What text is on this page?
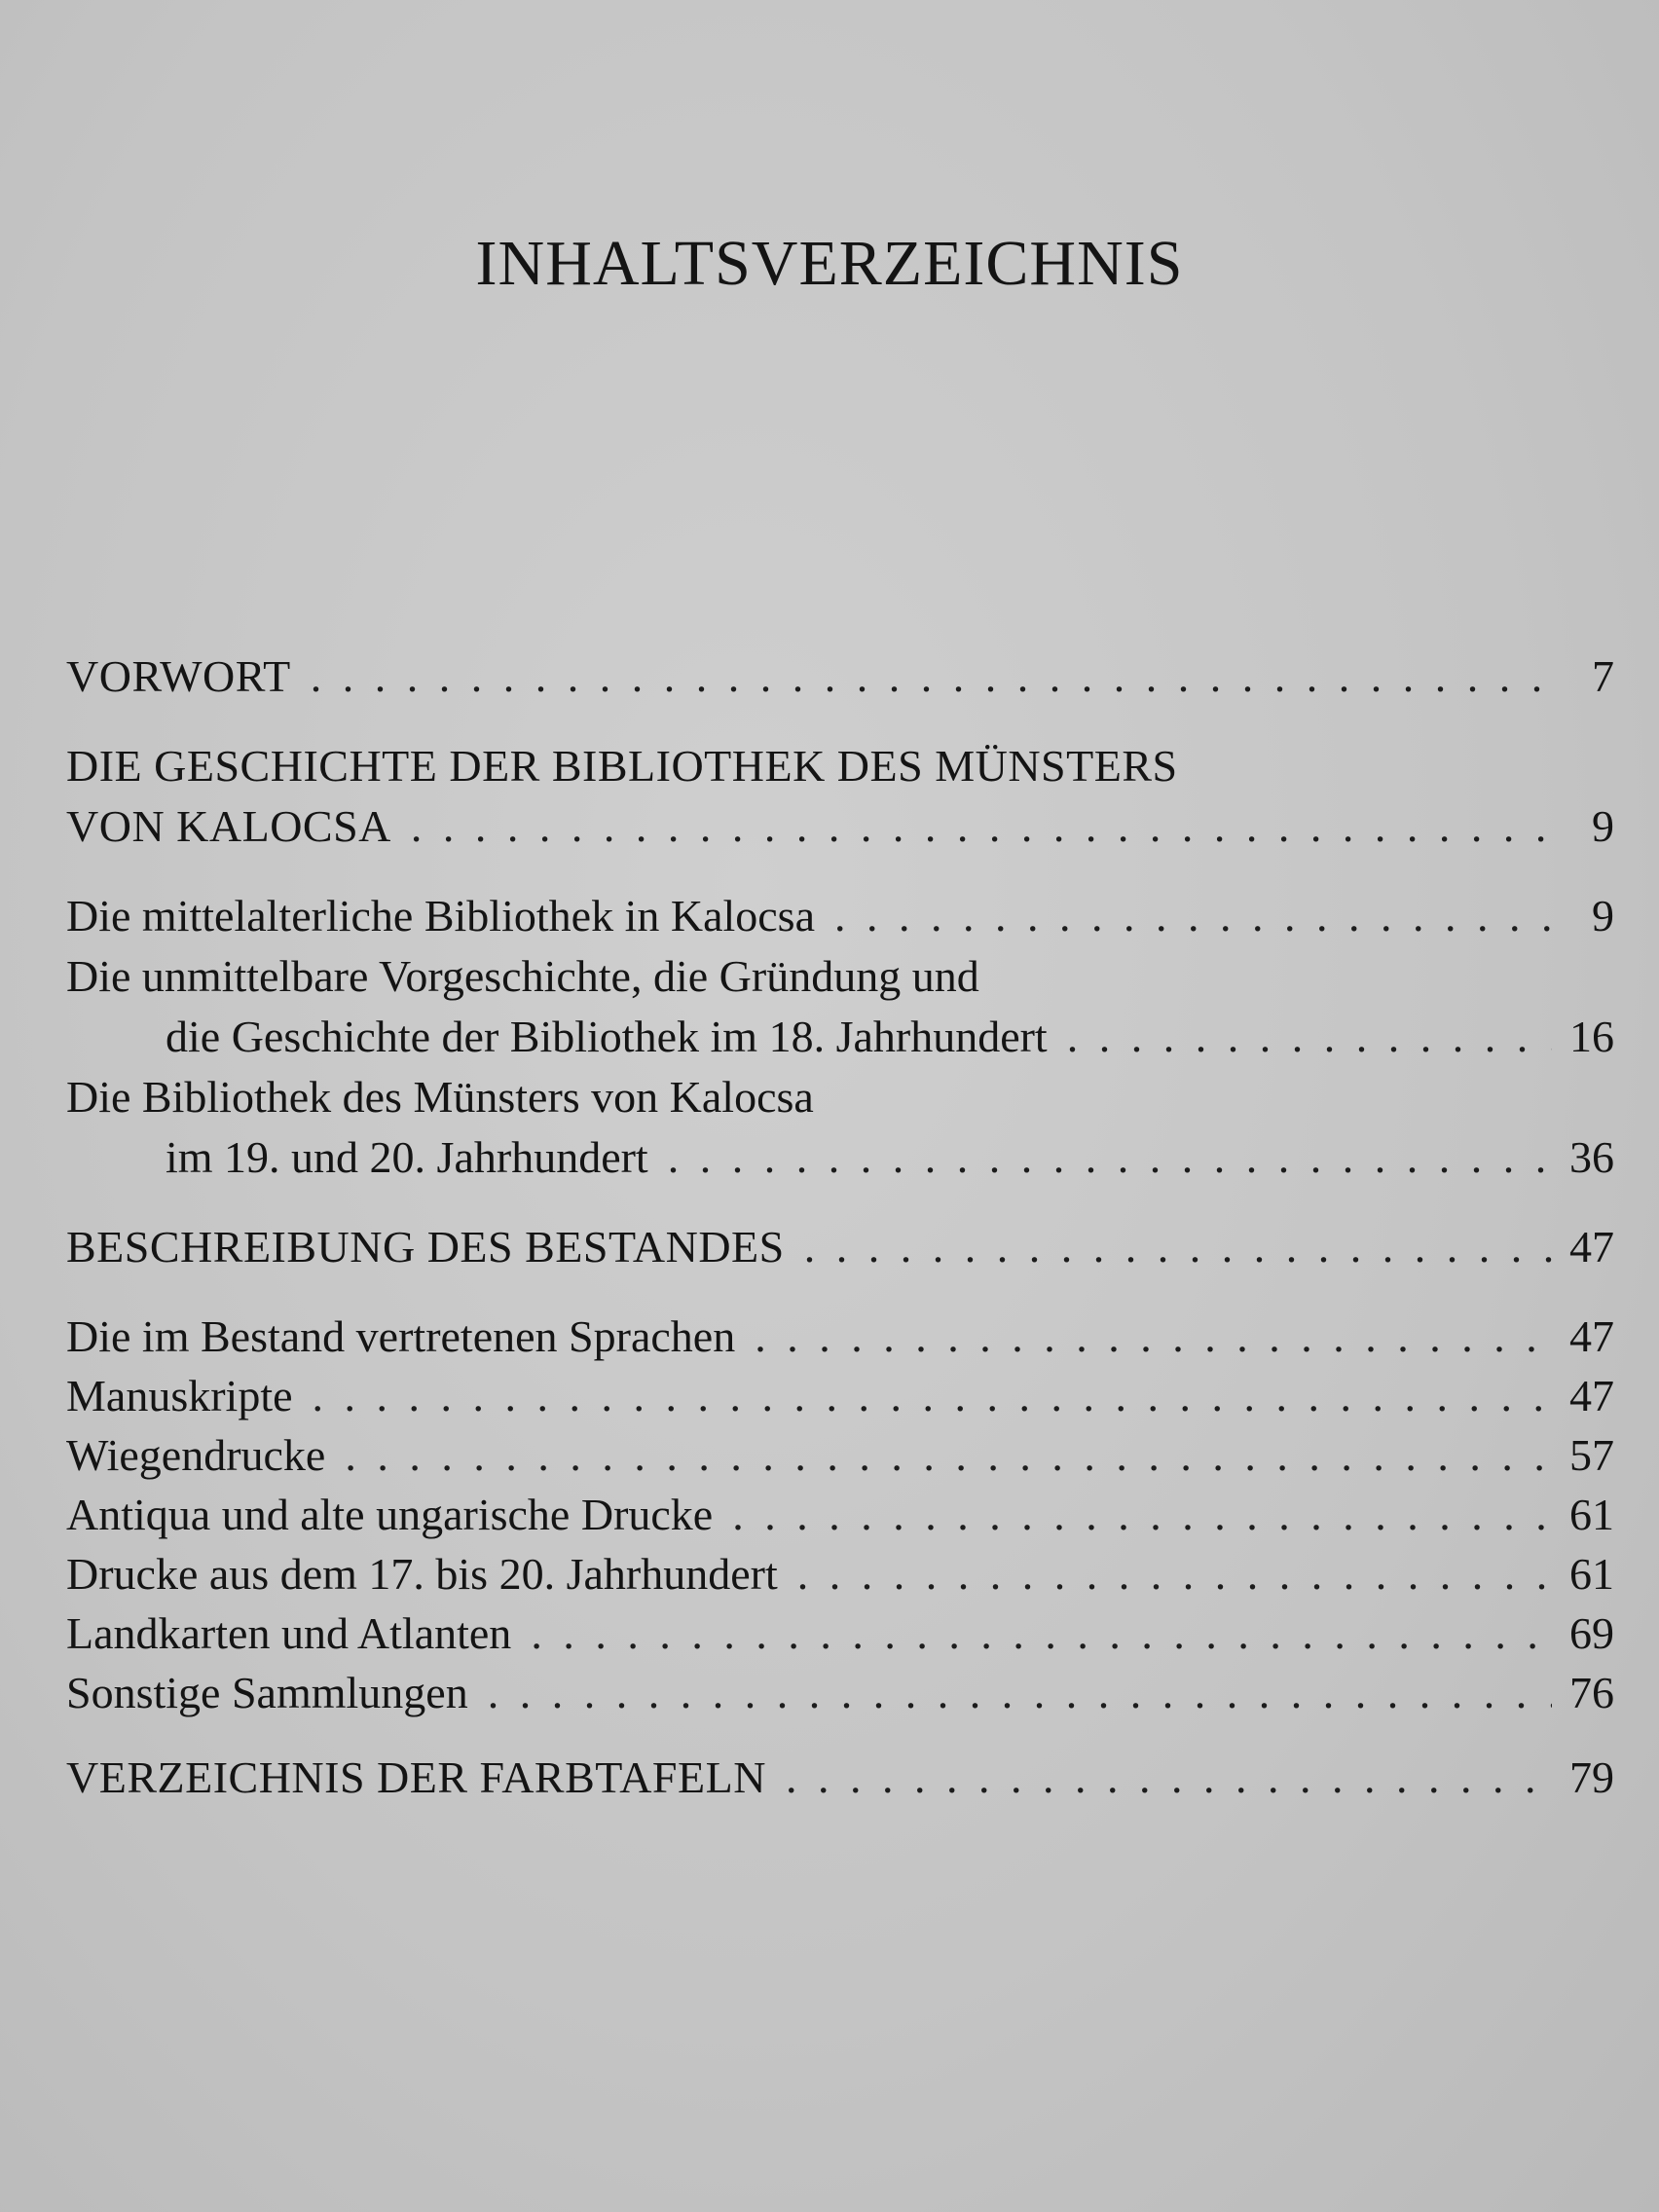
INHALTSVERZEICHNIS
VORWORT . . .	7
DIE GESCHICHTE DER BIBLIOTHEK DES MÜNSTERS
VON KALOCSA . . .	9
Die mittelalterliche Bibliothek in Kalocsa . . .	9
Die unmittelbare Vorgeschichte, die Gründung und
die Geschichte der Bibliothek im 18. Jahrhundert . . .	16
Die Bibliothek des Münsters von Kalocsa
im 19. und 20. Jahrhundert . . .	36
BESCHREIBUNG DES BESTANDES . . .	47
Die im Bestand vertretenen Sprachen . . .	47
Manuskripte . . .	47
Wiegendrucke . . .	57
Antiqua und alte ungarische Drucke . . .	61
Drucke aus dem 17. bis 20. Jahrhundert . . .	61
Landkarten und Atlanten . . .	69
Sonstige Sammlungen . . .	76
VERZEICHNIS DER FARBTAFELN . . .	79
